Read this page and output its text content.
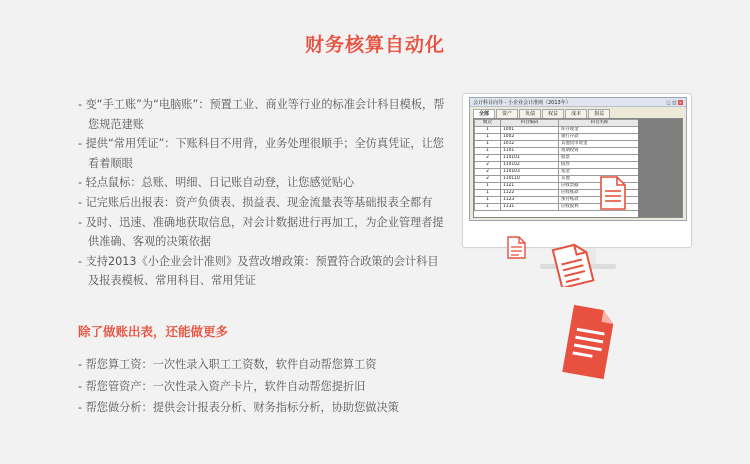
财务核算自动化
- 变“手工账”为“电脑账”：预置工业、商业等行业的标准会计科目模板，帮您规范建账
- 提供“常用凭证”：下账科目不用背，业务处理很顺手；全仿真凭证，让您看着顺眼
- 轻点鼠标：总账、明细、日记账自动登，让您感觉贴心
- 记完账后出报表：资产负债表、损益表、现金流量表等基础报表全都有
- 及时、迅速、准确地获取信息，对会计数据进行再加工，为企业管理者提供准确、客观的决策依据
- 支持2013《小企业会计准则》及营改增政策：预置符合政策的会计科目及报表模板、常用科目、常用凭证
除了做账出表，还能做更多
- 帮您算工资：一次性录入职工工资数，软件自动帮您算工资
- 帮您管资产：一次性录入资产卡片，软件自动帮您提折旧
- 帮您做分析：提供会计报表分析、财务指标分析，协助您做决策
会计科目向导 - 小企业会计准则（2013年）	_ □ ×
全部	资产	负债	权益	成本	损益
级次	科目编码	科目名称
1	1001	库存现金
1	1002	银行存款
1	1012	其他货币资金
1	1101	短期投资
2	110101	股票
2	110102	债券
2	110103	基金
2	110110	其他
1	1121	应收票据
1	1122	应收账款
1	1123	预付账款
1	1131	应收股利
